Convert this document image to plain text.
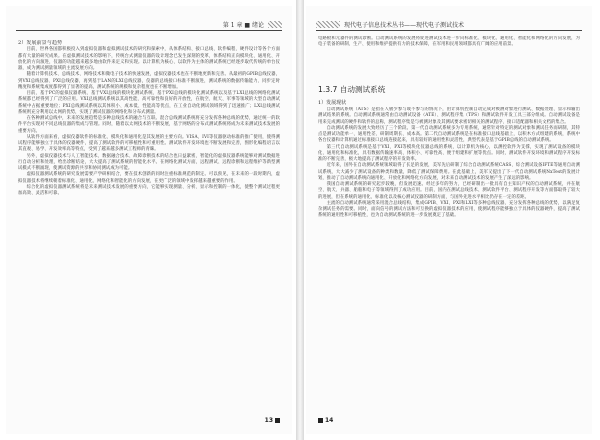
第 1 章 ■ 绪论

2）发展前景与趋势

目前，世界各国都积极投入到虚拟仪器和虚拟测试技术的研究和探索中，从体系结构、接口总线、软件编程、硬件设计等各个方面都有大量的研究成果。在虚拟测试技术的影响下，传统台式测量仪器的设计理念已发生深刻的变革，体系结构正向模块化、通用化、开放化的方向演进，仪器的功能越来越多地由软件来定义和实现。以计算机为核心、以软件为主体的测试系统已经逐步取代传统的单台仪器，成为测试测量领域的主流发展方向。

随着计算机技术、总线技术、网络技术和微电子技术的快速发展，虚拟仪器技术也在不断地更新和完善。从最初的GPIB总线仪器，到VXI总线仪器、PXI总线仪器，再到基于LAN的LXI总线仪器，仪器的总线接口标准不断演进，测试系统的数据传输能力、同步定时精度和系统集成度都得到了显著的提高，测试系统的规模和复杂程度也在不断增加。

目前，基于PC的虚拟仪器系统、基于VXI总线的模块化测试系统、基于PXI总线的模块化测试系统以及基于LXI总线的网络化测试系统都已经得到了广泛的应用。VXI总线测试系统以其高性能、高可靠性和良好的开放性，在航空、航天、军事等领域的大型自动测试系统中占据重要地位；PXI总线测试系统以其体积小、成本低、性能高等优点，在工业自动化测试领域得到了迅速推广；LXI总线测试系统则充分利用以太网的优势，实现了测试仪器的网络化和分布式测量。

在各种测试总线中，未来的发展趋势是多种总线技术的融合与互联。混合总线测试系统将充分发挥各种总线的优势，通过统一的软件平台实现对不同总线仪器的集成与管理。同时，随着以太网技术的不断发展，基于网络的分布式测试系统将成为未来测试技术发展的重要方向。

从软件方面来看，虚拟仪器软件的标准化、模块化和通用化是其发展的主要方向。VISA、IVI等仪器驱动标准的推广使用，使得测试程序能够独立于具体的仪器硬件，提高了测试软件的可移植性和可重用性。测试软件开发环境也不断发展和完善，图形化编程语言以其直观、易学、开发效率高等特点，受到了越来越多测试工程师的青睐。

另外，虚拟仪器技术与人工智能技术、数据融合技术、故障诊断技术的结合也日益紧密，智能化的虚拟仪器系统能够对测试数据进行自动分析和处理，给出诊断结论，大大提高了测试系统的智能化水平。在网络化测试方面，远程测试、远程诊断和远程维护等新型测试模式不断涌现，使测试资源的共享和协同测试成为可能。

虚拟仪器测试系统的研究发展需要产学研相结合，要在技术创新的同时注重标准规范的制定。可以预见，在未来的一段时期内，虚拟仪器技术将继续朝着标准化、通用化、网络化和智能化的方向发展，在更广泛的领域中发挥越来越重要的作用。

综合化的虚拟仪器测试系统将是未来测试技术发展的重要方向，它能够实现测量、分析、显示和控制的一体化，使整个测试过程更加高效、灵活和可靠。

13
现代电子信息技术丛书——现代电子测试技术

电路板和元器件的测试诊断。自动测试系统的发展将促进测试技术进一步向标准化、模块化、通用化、智能化和网络化的方向发展，为电子装备的研制、生产、使用和维护提供有力的技术保障，在军用和民用领域都具有广阔的应用前景。

1.3.7 自动测试系统
1）发展现状

自动测试系统（ATS）是指在人极少参与或不参与的情况下，由计算机控制自动完成对被测对象进行测试、数据处理、显示和输出测试结果的系统。自动测试系统通常由自动测试设备（ATE）、测试程序集（TPS）和测试软件开发工具三部分组成。自动测试设备是用来完成测试的硬件和软件的总称，测试程序集是与被测对象及其测试要求密切相关的测试程序、接口适配器和相关文档的集合。

自动测试系统的发展大致经历了三个阶段。第一代自动测试系统多为专用系统，通常针对特定的测试对象和测试任务而研制，其特点是测试功能单一、通用性差、研制周期长、成本高。第二代自动测试系统是在标准接口总线基础上，以积木方式组建的系统，系统中各台仪器和计算机通过标准接口总线连接起来，具有较好的通用性和灵活性，典型代表是基于GPIB总线的自动测试系统。

第三代自动测试系统是基于VXI、PXI等模块化仪器总线的系统，以计算机为核心，以测控软件为支撑，实现了测试设备的模块化、通用化和标准化，具有数据传输速率高、体积小、可靠性高、便于组建和扩展等优点。同时，测试软件开发环境和测试程序开发标准的不断完善，极大地提高了测试程序的开发效率。

近年来，国外在自动测试系统领域取得了长足的发展，美军先后研制了综合自动测试系统CASS、综合测试设备IFTE等通用自动测试系统，大大减少了测试设备的种类和数量，降低了测试保障费用。在此基础上，美军又提出了下一代自动测试系统NxTest的发展计划，推动了自动测试系统向通用化、开放化和网络化方向发展，对未来自动测试技术的发展产生了深远的影响。

我国自动测试系统的研究起步较晚，但发展迅速。经过多年的努力，已经研制出一批具有自主知识产权的自动测试系统，并在航空、航天、兵器、船舶和电子等领域得到了成功应用。目前，国内在测试总线技术、测试软件平台、测试程序开发等方面都取得了较大的进展，但在系统的通用化、标准化以及核心测试仪器的研制方面，与国外先进水平相比仍存在一定的差距。

主流的自动测试系统通常采用混合总线结构，集成GPIB、VXI、PXI和LXI等多种总线仪器，充分发挥各种总线的优势，以满足复杂测试任务的需要。同时，面向信号的测试方法和可互换的虚拟仪器技术的应用，使测试程序能够独立于具体的仪器硬件，提高了测试系统的通用性和可移植性，也为自动测试系统的进一步发展奠定了基础。

14
